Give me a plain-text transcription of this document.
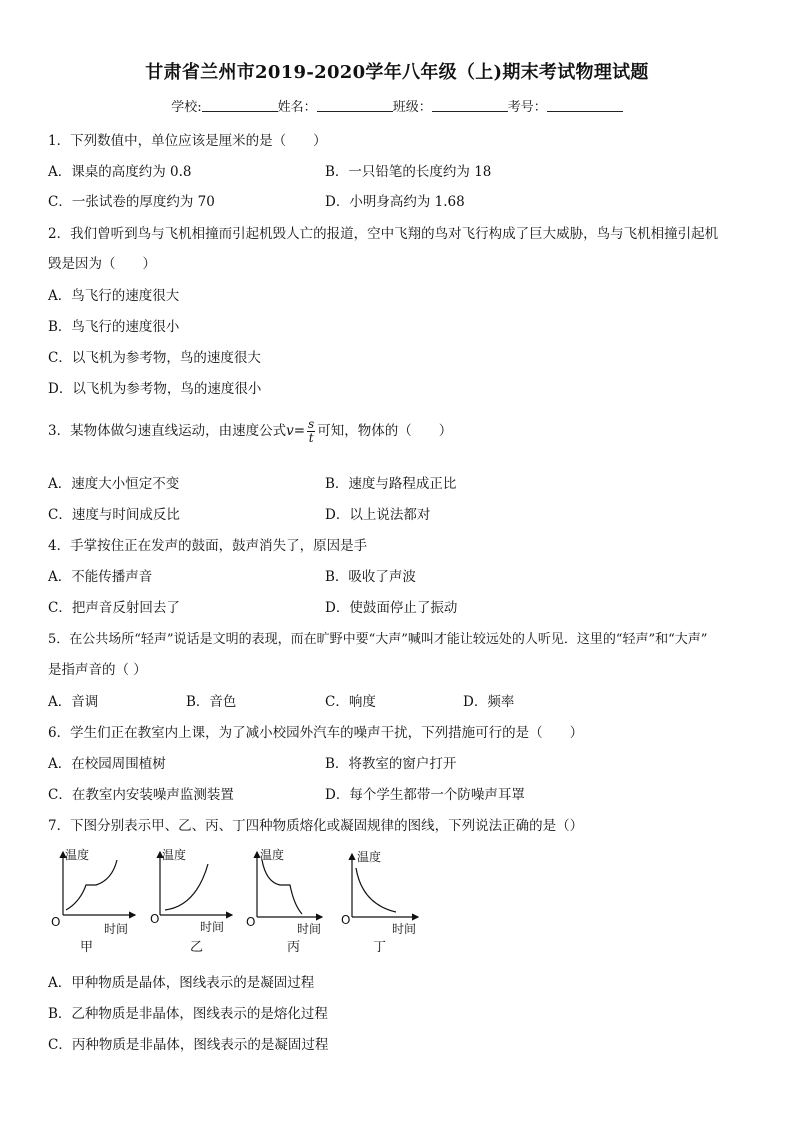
甘肃省兰州市2019-2020学年八年级（上)期末考试物理试题
学校:	姓名：	班级：	考号：
1．下列数值中，单位应该是厘米的是（　　）
A．课桌的高度约为 0.8	B．一只铅笔的长度约为 18
C．一张试卷的厚度约为 70	D．小明身高约为 1.68
2．我们曾听到鸟与飞机相撞而引起机毁人亡的报道，空中飞翔的鸟对飞行构成了巨大威胁，鸟与飞机相撞引起机
毁是因为（　　）
A．鸟飞行的速度很大
B．鸟飞行的速度很小
C．以飞机为参考物，鸟的速度很大
D．以飞机为参考物，鸟的速度很小
3．某物体做匀速直线运动，由速度公式$v= \frac{s}{t}$ 可知，物体的（　　）
A．速度大小恒定不变	B．速度与路程成正比
C．速度与时间成反比	D．以上说法都对
4．手掌按住正在发声的鼓面，鼓声消失了，原因是手
A．不能传播声音	B．吸收了声波
C．把声音反射回去了	D．使鼓面停止了振动
5．在公共场所“轻声”说话是文明的表现，而在旷野中要“大声”喊叫才能让较远处的人听见．这里的“轻声”和“大声”
是指声音的（ ）
A．音调	B．音色	C．响度	D．频率
6．学生们正在教室内上课，为了减小校园外汽车的噪声干扰，下列措施可行的是（　　）
A．在校园周围植树	B．将教室的窗户打开
C．在教室内安装噪声监测装置	D．每个学生都带一个防噪声耳罩
7．下图分别表示甲、乙、丙、丁四种物质熔化或凝固规律的图线，下列说法正确的是（）
温度
O	时间
甲
温度
O
时间
乙
温度
O	时间
丙
温度
O
时间
丁
A．甲种物质是晶体，图线表示的是凝固过程
B．乙种物质是非晶体，图线表示的是熔化过程
C．丙种物质是非晶体，图线表示的是凝固过程
